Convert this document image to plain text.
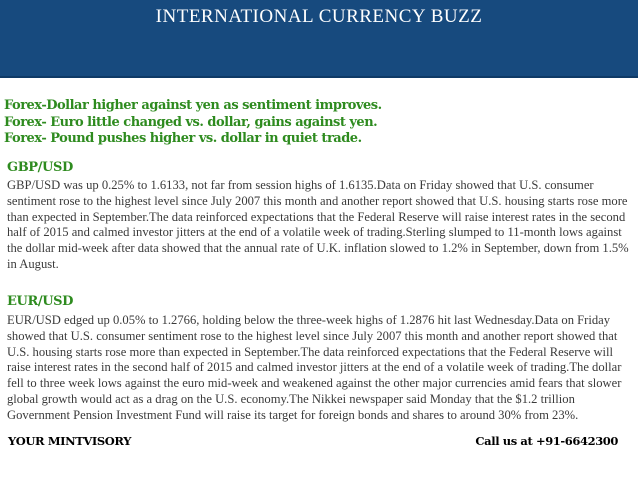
INTERNATIONAL CURRENCY BUZZ
Forex-Dollar higher against yen as sentiment improves.
Forex- Euro little changed vs. dollar, gains against yen.
Forex- Pound pushes higher vs. dollar in quiet trade.
GBP/USD
GBP/USD was up 0.25% to 1.6133, not far from session highs of 1.6135.Data on Friday showed that U.S. consumer sentiment rose to the highest level since July 2007 this month and another report showed that U.S. housing starts rose more than expected in September.The data reinforced expectations that the Federal Reserve will raise interest rates in the second half of 2015 and calmed investor jitters at the end of a volatile week of trading.Sterling slumped to 11-month lows against the dollar mid-week after data showed that the annual rate of U.K. inflation slowed to 1.2% in September, down from 1.5% in August.
EUR/USD
EUR/USD edged up 0.05% to 1.2766, holding below the three-week highs of 1.2876 hit last Wednesday.Data on Friday showed that U.S. consumer sentiment rose to the highest level since July 2007 this month and another report showed that U.S. housing starts rose more than expected in September.The data reinforced expectations that the Federal Reserve will raise interest rates in the second half of 2015 and calmed investor jitters at the end of a volatile week of trading.The dollar fell to three week lows against the euro mid-week and weakened against the other major currencies amid fears that slower global growth would act as a drag on the U.S. economy.The Nikkei newspaper said Monday that the $1.2 trillion Government Pension Investment Fund will raise its target for foreign bonds and shares to around 30% from 23%.
YOUR MINTVISORY	Call us at +91-6642300
